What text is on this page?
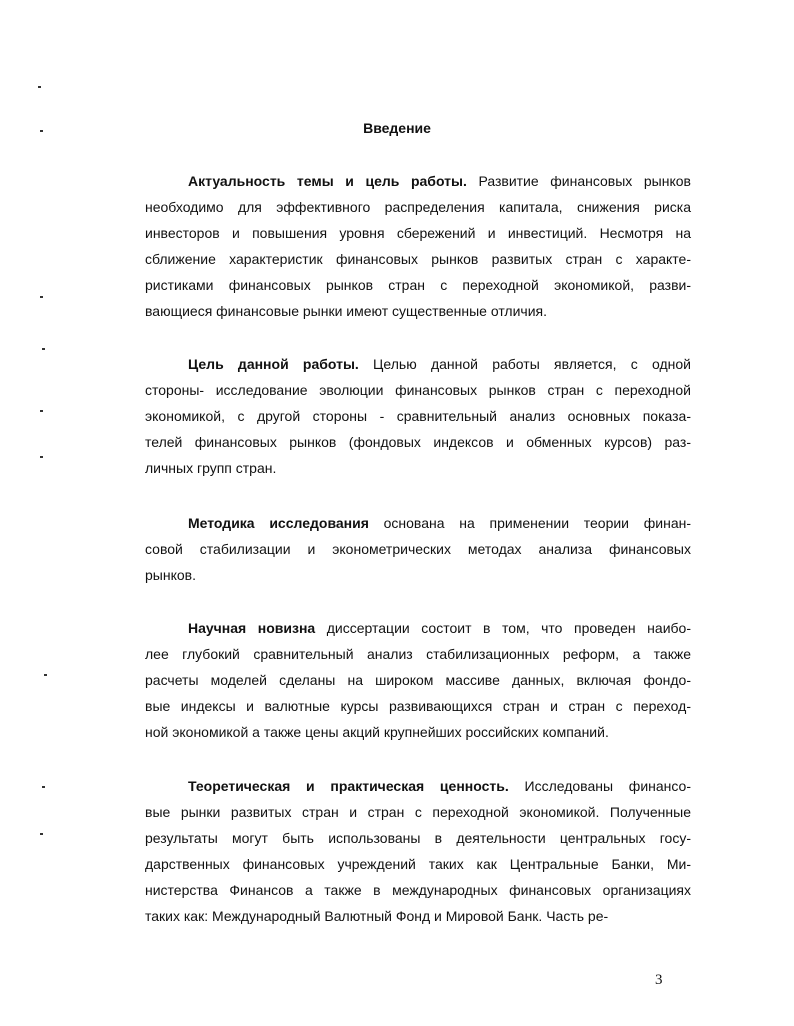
Введение
Актуальность темы и цель работы. Развитие финансовых рынков
необходимо для эффективного распределения капитала, снижения риска
инвесторов и повышения уровня сбережений и инвестиций. Несмотря на
сближение характеристик финансовых рынков развитых стран с характе-
ристиками финансовых рынков стран с переходной экономикой, разви-
вающиеся финансовые рынки имеют существенные отличия.
Цель данной работы. Целью данной работы является, с одной
стороны- исследование эволюции финансовых рынков стран с переходной
экономикой, с другой стороны - сравнительный анализ основных показа-
телей финансовых рынков (фондовых индексов и обменных курсов) раз-
личных групп стран.
Методика исследования основана на применении теории финан-
совой стабилизации и эконометрических методах анализа финансовых
рынков.
Научная новизна диссертации состоит в том, что проведен наибо-
лее глубокий сравнительный анализ стабилизационных реформ, а также
расчеты моделей сделаны на широком массиве данных, включая фондо-
вые индексы и валютные курсы развивающихся стран и стран с переход-
ной экономикой а также цены акций крупнейших российских компаний.
Теоретическая и практическая ценность. Исследованы финансо-
вые рынки развитых стран и стран с переходной экономикой. Полученные
результаты могут быть использованы в деятельности центральных госу-
дарственных финансовых учреждений таких как Центральные Банки, Ми-
нистерства Финансов а также в международных финансовых организациях
таких как: Международный Валютный Фонд и Мировой Банк. Часть ре-
3
